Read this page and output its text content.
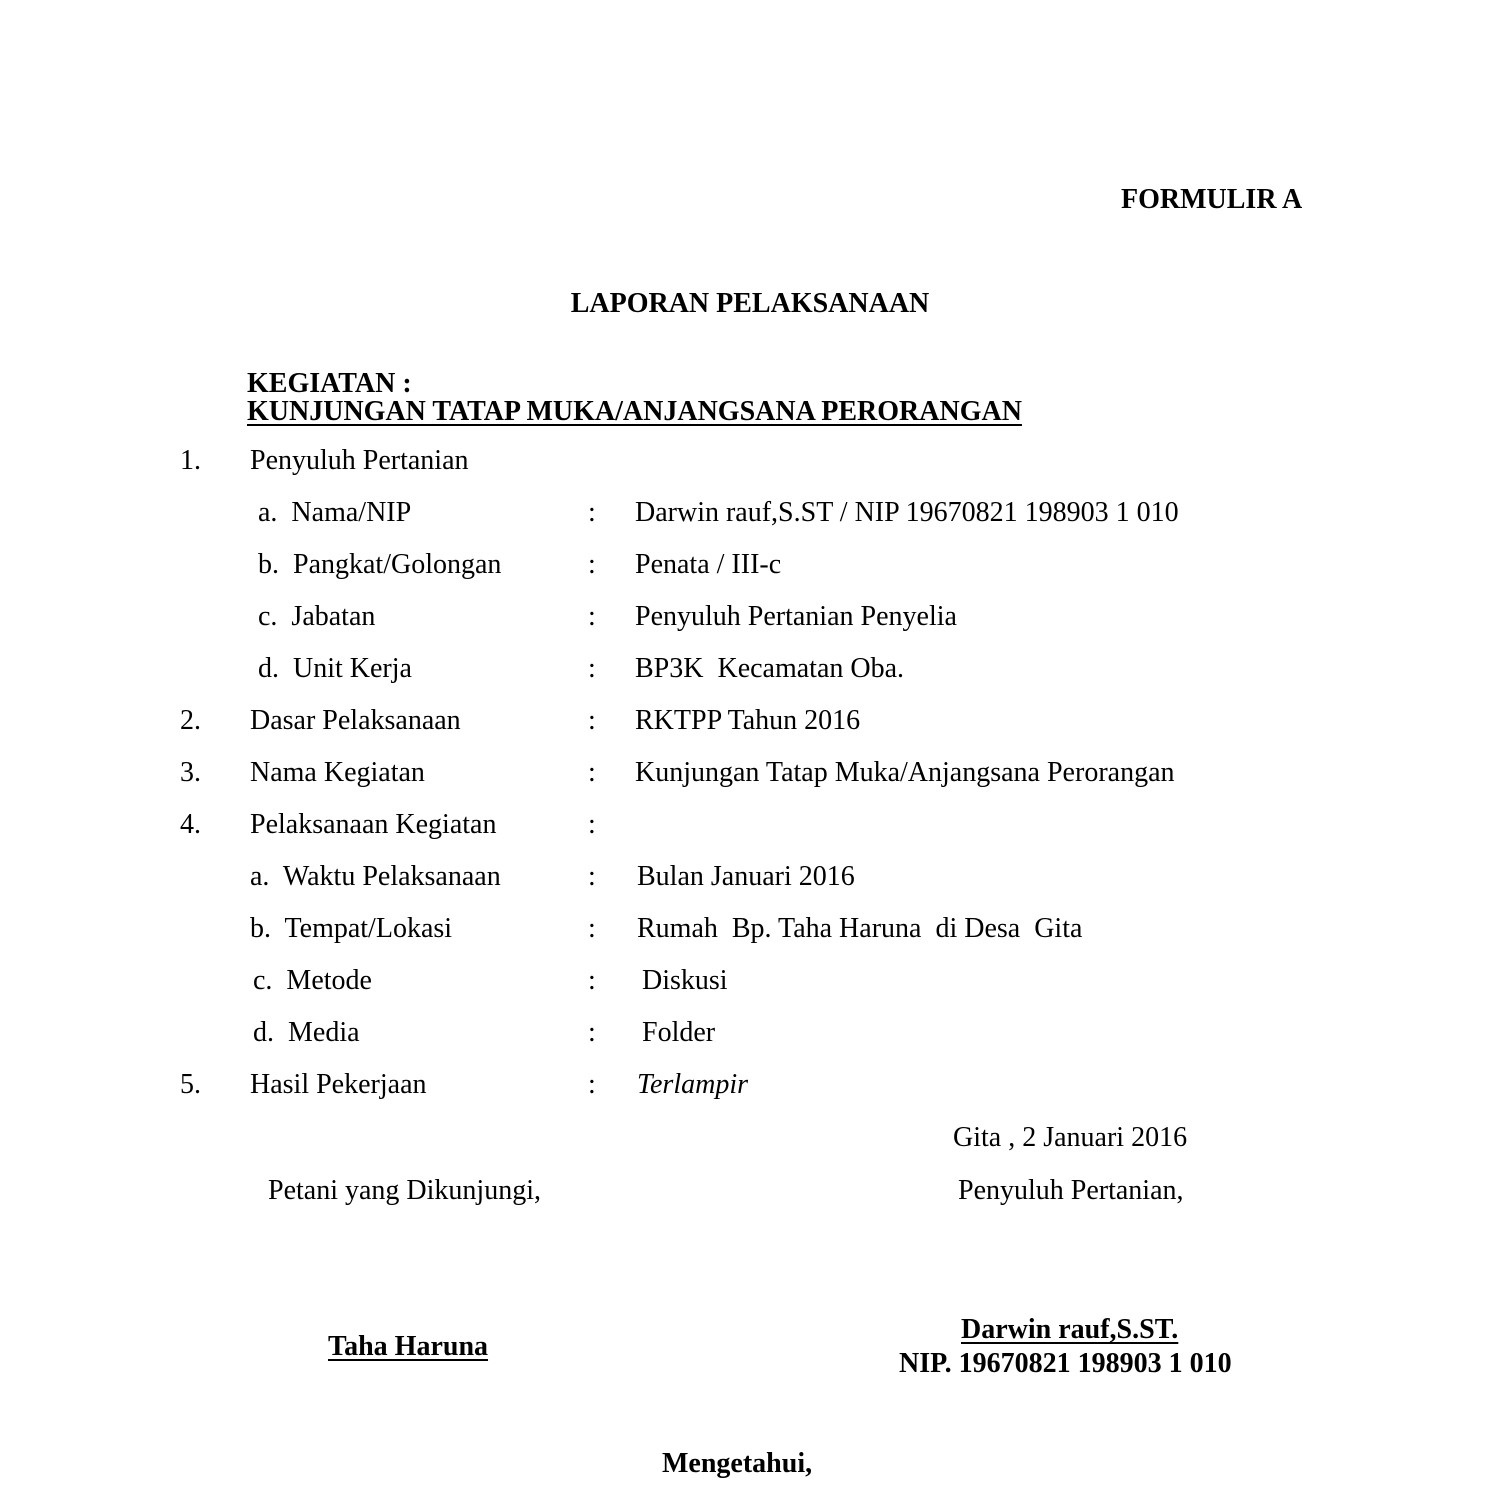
FORMULIR A
LAPORAN PELAKSANAAN

KEGIATAN :
KUNJUNGAN TATAP MUKA/ANJANGSANA PERORANGAN

1. Penyuluh Pertanian
a.  Nama/NIP	: Darwin rauf,S.ST / NIP 19670821 198903 1 010
b.  Pangkat/Golongan	: Penata / III-c
c.  Jabatan	: Penyuluh Pertanian Penyelia
d.  Unit Kerja	: BP3K  Kecamatan Oba.
2. Dasar Pelaksanaan	: RKTPP Tahun 2016
3. Nama Kegiatan	: Kunjungan Tatap Muka/Anjangsana Perorangan
4. Pelaksanaan Kegiatan	:
a.  Waktu Pelaksanaan	: Bulan Januari 2016
b.  Tempat/Lokasi	: Rumah  Bp. Taha Haruna  di Desa  Gita
c.  Metode	: Diskusi
d.  Media	: Folder
5. Hasil Pekerjaan	: Terlampir
Gita , 2 Januari 2016
Petani yang Dikunjungi,	Penyuluh Pertanian,
Taha Haruna
Darwin rauf,S.ST.
NIP. 19670821 198903 1 010
Mengetahui,
